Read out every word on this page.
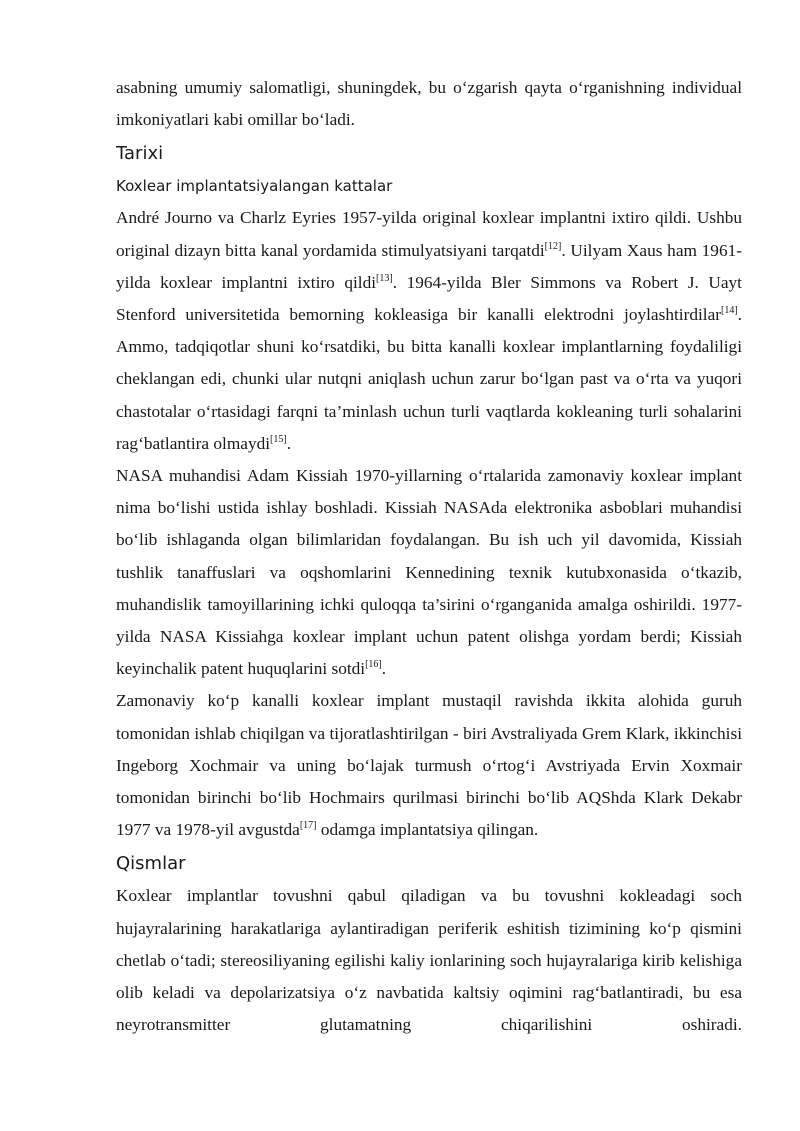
asabning umumiy salomatligi, shuningdek, bu o‘zgarish qayta o‘rganishning individual imkoniyatlari kabi omillar bo‘ladi.

Tarixi
Koxlear implantatsiyalangan kattalar

André Journo va Charlz Eyries 1957-yilda original koxlear implantni ixtiro qildi. Ushbu original dizayn bitta kanal yordamida stimulyatsiyani tarqatdi[12]. Uilyam Xaus ham 1961-yilda koxlear implantni ixtiro qildi[13]. 1964-yilda Bler Simmons va Robert J. Uayt Stenford universitetida bemorning kokleasiga bir kanalli elektrodni joylashtirdilar[14]. Ammo, tadqiqotlar shuni ko‘rsatdiki, bu bitta kanalli koxlear implantlarning foydaliligi cheklangan edi, chunki ular nutqni aniqlash uchun zarur bo‘lgan past va o‘rta va yuqori chastotalar o‘rtasidagi farqni ta’minlash uchun turli vaqtlarda kokleaning turli sohalarini rag‘batlantira olmaydi[15].

NASA muhandisi Adam Kissiah 1970-yillarning o‘rtalarida zamonaviy koxlear implant nima bo‘lishi ustida ishlay boshladi. Kissiah NASAda elektronika asboblari muhandisi bo‘lib ishlaganda olgan bilimlaridan foydalangan. Bu ish uch yil davomida, Kissiah tushlik tanaffuslari va oqshomlarini Kennedining texnik kutubxonasida o‘tkazib, muhandislik tamoyillarining ichki quloqqa ta’sirini o‘rganganida amalga oshirildi. 1977-yilda NASA Kissiahga koxlear implant uchun patent olishga yordam berdi; Kissiah keyinchalik patent huquqlarini sotdi[16].

Zamonaviy ko‘p kanalli koxlear implant mustaqil ravishda ikkita alohida guruh tomonidan ishlab chiqilgan va tijoratlashtirilgan - biri Avstraliyada Grem Klark, ikkinchisi Ingeborg Xochmair va uning bo‘lajak turmush o‘rtog‘i Avstriyada Ervin Xoxmair tomonidan birinchi bo‘lib Hochmairs qurilmasi birinchi bo‘lib AQShda Klark Dekabr 1977 va 1978-yil avgustda[17] odamga implantatsiya qilingan.

Qismlar

Koxlear implantlar tovushni qabul qiladigan va bu tovushni kokleadagi soch hujayralarining harakatlariga aylantiradigan periferik eshitish tizimining ko‘p qismini chetlab o‘tadi; stereosiliyaning egilishi kaliy ionlarining soch hujayralariga kirib kelishiga olib keladi va depolarizatsiya o‘z navbatida kaltsiy oqimini rag‘batlantiradi, bu esa neyrotransmitter glutamatning chiqarilishini oshiradi.
